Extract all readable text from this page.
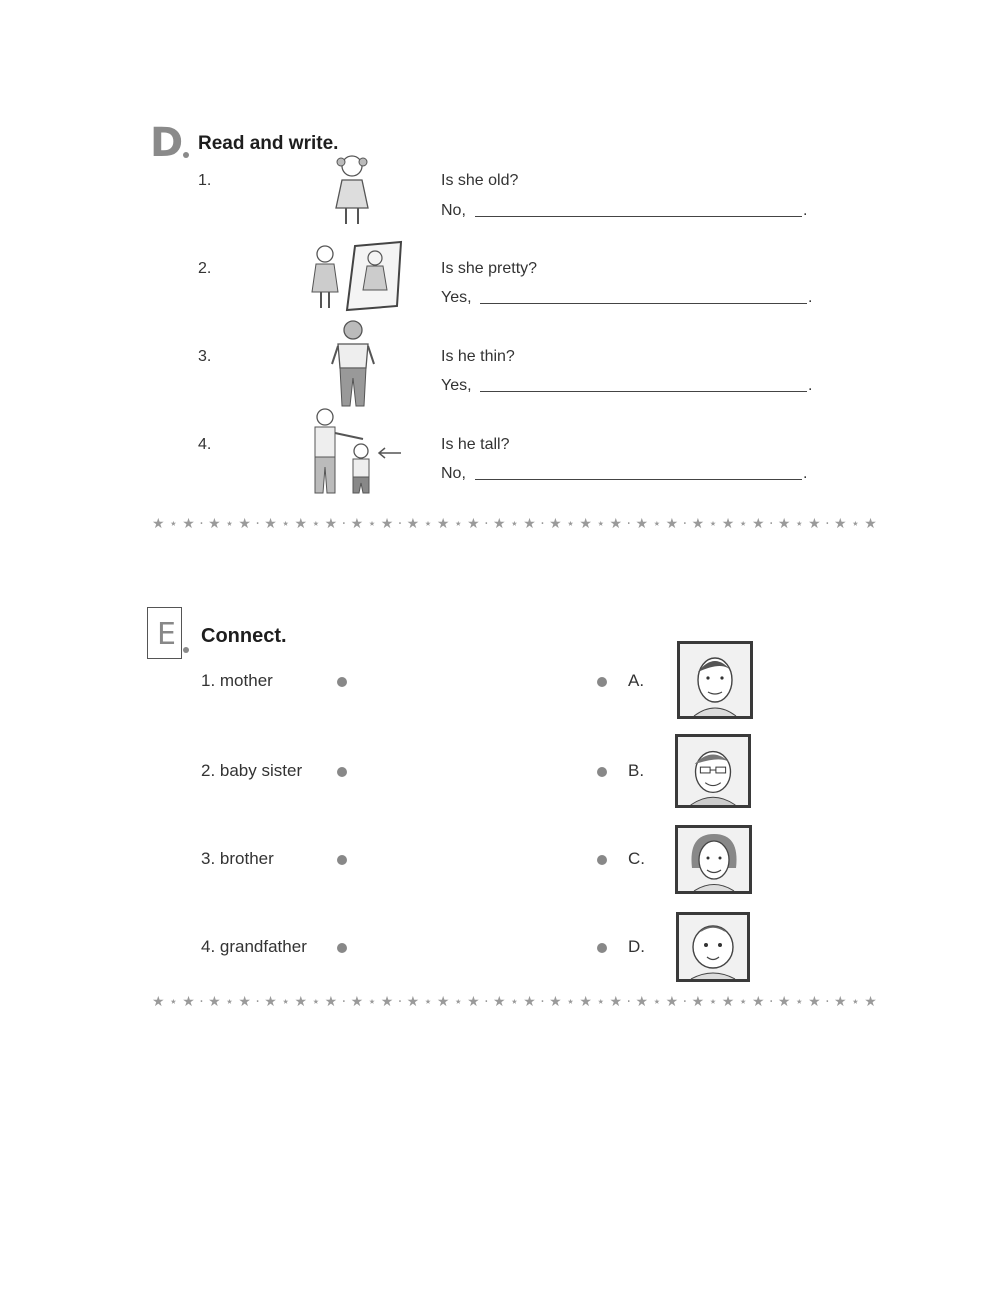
D Read and write.
1.	Is she old?
No,	.
2.	Is she pretty?
Yes,	.
3.	Is he thin?
Yes,	.
4.	Is he tall?
No,	.
★ ⋆ ★ · ★ ⋆ ★ · ★ ⋆ ★ ⋆ ★ · ★ ⋆ ★ · ★ ⋆ ★ ⋆ ★ · ★ ⋆ ★ · ★ ⋆ ★ ⋆ ★ · ★ ⋆ ★ · ★ ⋆ ★ ⋆ ★ · ★ ⋆ ★ · ★ ⋆ ★
E Connect.
1. mother
2. baby sister
3. brother
4. grandfather
A.
B.
C.
D.
★ ⋆ ★ · ★ ⋆ ★ · ★ ⋆ ★ ⋆ ★ · ★ ⋆ ★ · ★ ⋆ ★ ⋆ ★ · ★ ⋆ ★ · ★ ⋆ ★ ⋆ ★ · ★ ⋆ ★ · ★ ⋆ ★ ⋆ ★ · ★ ⋆ ★ · ★ ⋆ ★
